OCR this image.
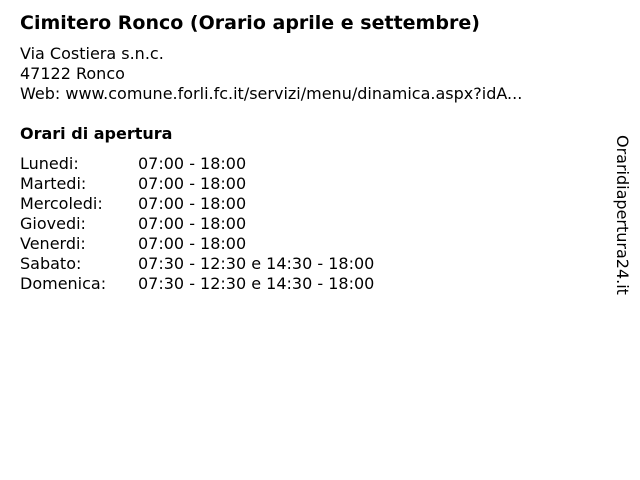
Cimitero Ronco (Orario aprile e settembre)
Via Costiera s.n.c.
47122 Ronco
Web: www.comune.forli.fc.it/servizi/menu/dinamica.aspx?idA...
Orari di apertura
Lunedi:	07:00 - 18:00
Martedi:	07:00 - 18:00
Mercoledi:	07:00 - 18:00
Giovedi:	07:00 - 18:00
Venerdi:	07:00 - 18:00
Sabato:	07:30 - 12:30 e 14:30 - 18:00
Domenica:	07:30 - 12:30 e 14:30 - 18:00	Oraridiapertura24.it
